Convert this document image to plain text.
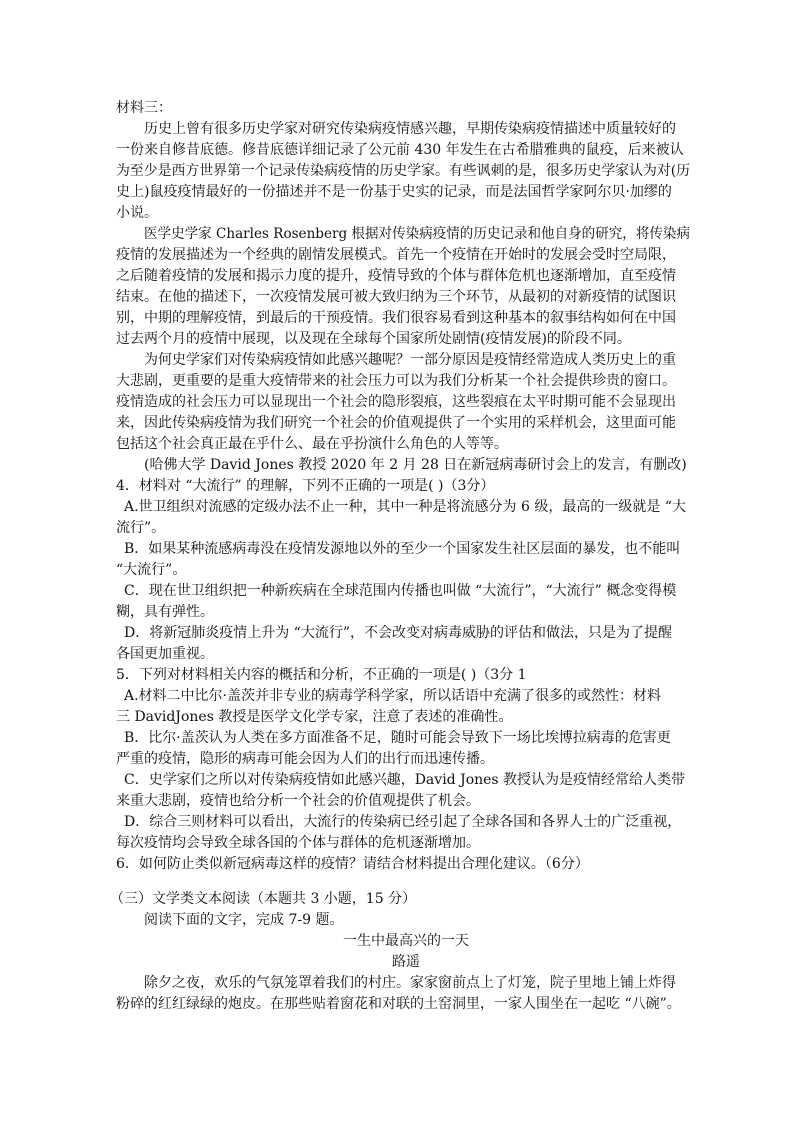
材料三：
历史上曾有很多历史学家对研究传染病疫情感兴趣，早期传染病疫情描述中质量较好的
一份来自修昔底德。修昔底德详细记录了公元前 430 年发生在古希腊雅典的鼠疫，后来被认
为至少是西方世界第一个记录传染病疫情的历史学家。有些讽刺的是，很多历史学家认为对(历
史上)鼠疫疫情最好的一份描述并不是一份基于史实的记录，而是法国哲学家阿尔贝·加缪的
小说。
医学史学家 Charles Rosenberg 根据对传染病疫情的历史记录和他自身的研究，将传染病
疫情的发展描述为一个经典的剧情发展模式。首先一个疫情在开始时的发展会受时空局限，
之后随着疫情的发展和揭示力度的提升，疫情导致的个体与群体危机也逐渐增加，直至疫情
结束。在他的描述下，一次疫情发展可被大致归纳为三个环节，从最初的对新疫情的试图识
别，中期的理解疫情，到最后的干预疫情。我们很容易看到这种基本的叙事结构如何在中国
过去两个月的疫情中展现，以及现在全球每个国家所处剧情(疫情发展)的阶段不同。
为何史学家们对传染病疫情如此感兴趣呢？一部分原因是疫情经常造成人类历史上的重
大悲剧，更重要的是重大疫情带来的社会压力可以为我们分析某一个社会提供珍贵的窗口。
疫情造成的社会压力可以显现出一个社会的隐形裂痕，这些裂痕在太平时期可能不会显现出
来，因此传染病疫情为我们研究一个社会的价值观提供了一个实用的采样机会，这里面可能
包括这个社会真正最在乎什么、最在乎扮演什么角色的人等等。
(哈佛大学 David Jones 教授 2020 年 2 月 28 日在新冠病毒研讨会上的发言，有删改)
4．材料对 “大流行” 的理解，下列不正确的一项是( )（3分）
A.世卫组织对流感的定级办法不止一种，其中一种是将流感分为 6 级，最高的一级就是 “大
流行”。
B．如果某种流感病毒没在疫情发源地以外的至少一个国家发生社区层面的暴发，也不能叫
“大流行”。
C．现在世卫组织把一种新疾病在全球范围内传播也叫做 “大流行”，“大流行” 概念变得模
糊，具有弹性。
D．将新冠肺炎疫情上升为 “大流行”，不会改变对病毒威胁的评估和做法，只是为了提醒
各国更加重视。
5．下列对材料相关内容的概括和分析，不正确的一项是( )（3分 1
A.材料二中比尔·盖茨并非专业的病毒学科学家，所以话语中充满了很多的或然性：材料
三 DavidJones 教授是医学文化学专家，注意了表述的准确性。
B．比尔·盖茨认为人类在多方面准备不足，随时可能会导致下一场比埃博拉病毒的危害更
严重的疫情，隐形的病毒可能会因为人们的出行而迅速传播。
C．史学家们之所以对传染病疫情如此感兴趣，David Jones 教授认为是疫情经常给人类带
来重大悲剧，疫情也给分析一个社会的价值观提供了机会。
D．综合三则材料可以看出，大流行的传染病已经引起了全球各国和各界人士的广泛重视，
每次疫情均会导致全球各国的个体与群体的危机逐渐增加。
6．如何防止类似新冠病毒这样的疫情？请结合材料提出合理化建议。（6分）
（三）文学类文本阅读（本题共 3 小题，15 分）
阅读下面的文字，完成 7-9 题。
一生中最高兴的一天
路遥
除夕之夜，欢乐的气氛笼罩着我们的村庄。家家窗前点上了灯笼，院子里地上铺上炸得
粉碎的红红绿绿的炮皮。在那些贴着窗花和对联的土窑洞里，一家人围坐在一起吃 “八碗”。
